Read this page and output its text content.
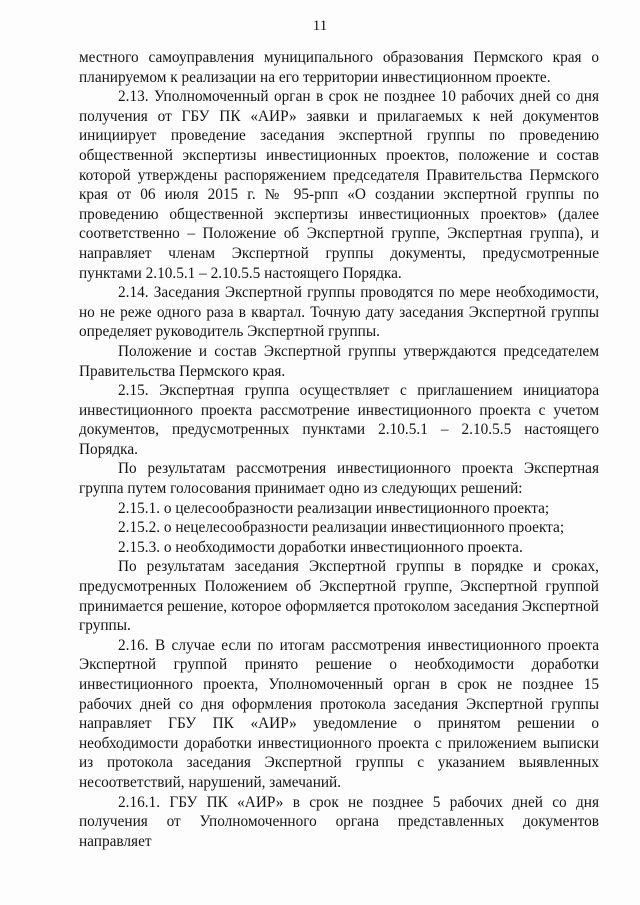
11

местного самоуправления муниципального образования Пермского края о планируемом к реализации на его территории инвестиционном проекте.

2.13. Уполномоченный орган в срок не позднее 10 рабочих дней со дня получения от ГБУ ПК «АИР» заявки и прилагаемых к ней документов инициирует проведение заседания экспертной группы по проведению общественной экспертизы инвестиционных проектов, положение и состав которой утверждены распоряжением председателя Правительства Пермского края от 06 июля 2015 г. № 95-рпп «О создании экспертной группы по проведению общественной экспертизы инвестиционных проектов» (далее соответственно – Положение об Экспертной группе, Экспертная группа), и направляет членам Экспертной группы документы, предусмотренные пунктами 2.10.5.1 – 2.10.5.5 настоящего Порядка.

2.14. Заседания Экспертной группы проводятся по мере необходимости, но не реже одного раза в квартал. Точную дату заседания Экспертной группы определяет руководитель Экспертной группы.

Положение и состав Экспертной группы утверждаются председателем Правительства Пермского края.

2.15. Экспертная группа осуществляет с приглашением инициатора инвестиционного проекта рассмотрение инвестиционного проекта с учетом документов, предусмотренных пунктами 2.10.5.1 – 2.10.5.5 настоящего Порядка.

По результатам рассмотрения инвестиционного проекта Экспертная группа путем голосования принимает одно из следующих решений:

2.15.1. о целесообразности реализации инвестиционного проекта;

2.15.2. о нецелесообразности реализации инвестиционного проекта;

2.15.3. о необходимости доработки инвестиционного проекта.

По результатам заседания Экспертной группы в порядке и сроках, предусмотренных Положением об Экспертной группе, Экспертной группой принимается решение, которое оформляется протоколом заседания Экспертной группы.

2.16. В случае если по итогам рассмотрения инвестиционного проекта Экспертной группой принято решение о необходимости доработки инвестиционного проекта, Уполномоченный орган в срок не позднее 15 рабочих дней со дня оформления протокола заседания Экспертной группы направляет ГБУ ПК «АИР» уведомление о принятом решении о необходимости доработки инвестиционного проекта с приложением выписки из протокола заседания Экспертной группы с указанием выявленных несоответствий, нарушений, замечаний.

2.16.1. ГБУ ПК «АИР» в срок не позднее 5 рабочих дней со дня получения от Уполномоченного органа представленных документов направляет
